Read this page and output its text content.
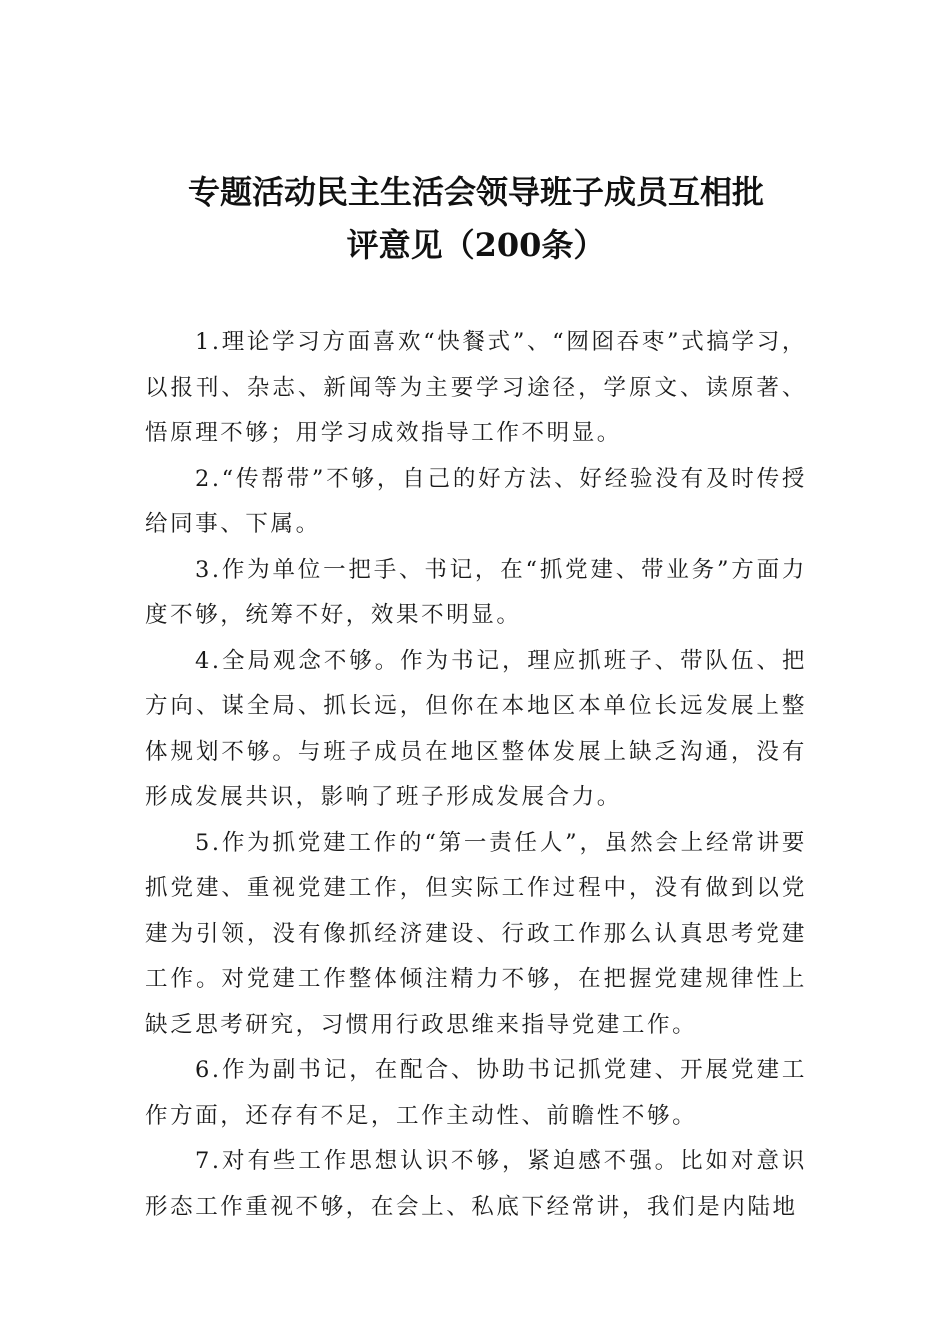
专题活动民主生活会领导班子成员互相批
评意见（200条）

1.理论学习方面喜欢“快餐式”、“囫囵吞枣”式搞学习，以报刊、杂志、新闻等为主要学习途径，学原文、读原著、悟原理不够；用学习成效指导工作不明显。

2.“传帮带”不够，自己的好方法、好经验没有及时传授给同事、下属。

3.作为单位一把手、书记，在“抓党建、带业务”方面力度不够，统筹不好，效果不明显。

4.全局观念不够。作为书记，理应抓班子、带队伍、把方向、谋全局、抓长远，但你在本地区本单位长远发展上整体规划不够。与班子成员在地区整体发展上缺乏沟通，没有形成发展共识，影响了班子形成发展合力。

5.作为抓党建工作的“第一责任人”，虽然会上经常讲要抓党建、重视党建工作，但实际工作过程中，没有做到以党建为引领，没有像抓经济建设、行政工作那么认真思考党建工作。对党建工作整体倾注精力不够，在把握党建规律性上缺乏思考研究，习惯用行政思维来指导党建工作。

6.作为副书记，在配合、协助书记抓党建、开展党建工作方面，还存有不足，工作主动性、前瞻性不够。

7.对有些工作思想认识不够，紧迫感不强。比如对意识形态工作重视不够，在会上、私底下经常讲，我们是内陆地
